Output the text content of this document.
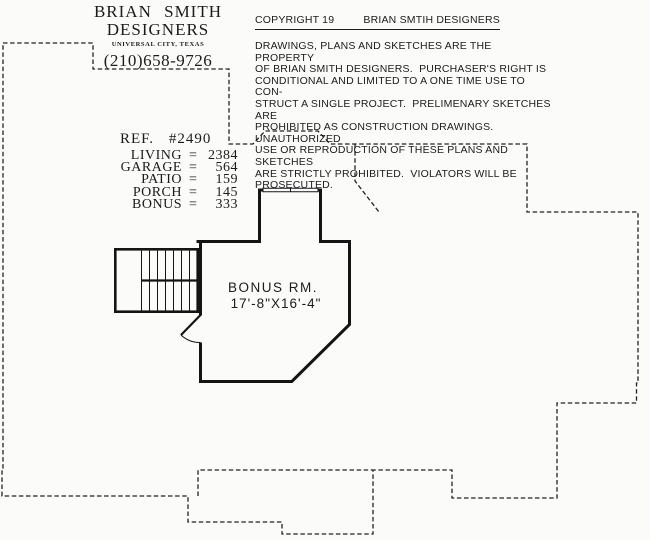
BONUS RM.
17'-8"X16'-4"
BRIAN SMITH
DESIGNERS
UNIVERSAL CITY, TEXAS
(210)658-9726
COPYRIGHT 19	BRIAN SMTIH DESIGNERS
DRAWINGS, PLANS AND SKETCHES ARE THE PROPERTY
OF BRIAN SMITH DESIGNERS.  PURCHASER'S RIGHT IS
CONDITIONAL AND LIMITED TO A ONE TIME USE TO CON-
STRUCT A SINGLE PROJECT.  PRELIMENARY SKETCHES ARE
PROHIBITED AS CONSTRUCTION DRAWINGS.  UNAUTHORIZED
USE OR REPRODUCTION OF THESE PLANS AND SKETCHES
ARE STRICTLY PROHIBITED.  VIOLATORS WILL BE PROSECUTED.
REF. #2490
LIVING = 2384
GARAGE =	564
PATIO =	159
PORCH =	145
BONUS =	333
